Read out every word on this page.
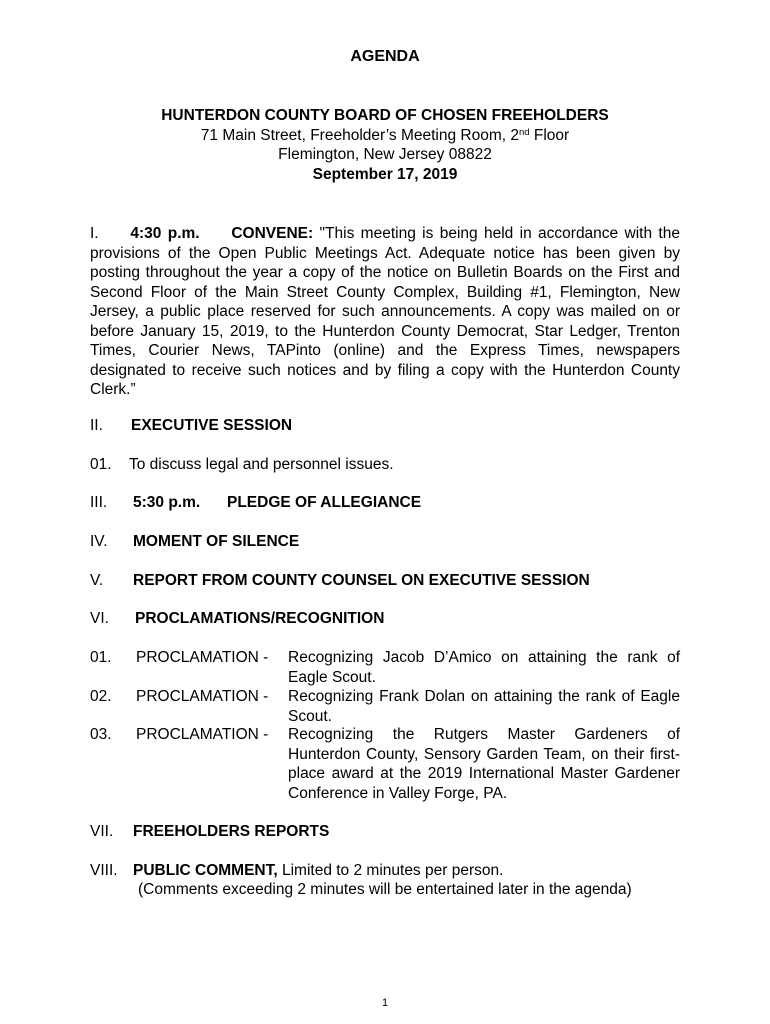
AGENDA
HUNTERDON COUNTY BOARD OF CHOSEN FREEHOLDERS
71 Main Street, Freeholder’s Meeting Room, 2nd Floor
Flemington, New Jersey 08822
September 17, 2019
I. 4:30 p.m. CONVENE: "This meeting is being held in accordance with the provisions of the Open Public Meetings Act. Adequate notice has been given by posting throughout the year a copy of the notice on Bulletin Boards on the First and Second Floor of the Main Street County Complex, Building #1, Flemington, New Jersey, a public place reserved for such announcements. A copy was mailed on or before January 15, 2019, to the Hunterdon County Democrat, Star Ledger, Trenton Times, Courier News, TAPinto (online) and the Express Times, newspapers designated to receive such notices and by filing a copy with the Hunterdon County Clerk.”
II. EXECUTIVE SESSION
01. To discuss legal and personnel issues.
III. 5:30 p.m. PLEDGE OF ALLEGIANCE
IV. MOMENT OF SILENCE
V. REPORT FROM COUNTY COUNSEL ON EXECUTIVE SESSION
VI. PROCLAMATIONS/RECOGNITION
01. PROCLAMATION - Recognizing Jacob D’Amico on attaining the rank of Eagle Scout.
02. PROCLAMATION - Recognizing Frank Dolan on attaining the rank of Eagle Scout.
03. PROCLAMATION - Recognizing the Rutgers Master Gardeners of Hunterdon County, Sensory Garden Team, on their first-place award at the 2019 International Master Gardener Conference in Valley Forge, PA.
VII. FREEHOLDERS REPORTS
VIII. PUBLIC COMMENT, Limited to 2 minutes per person.
(Comments exceeding 2 minutes will be entertained later in the agenda)
1
